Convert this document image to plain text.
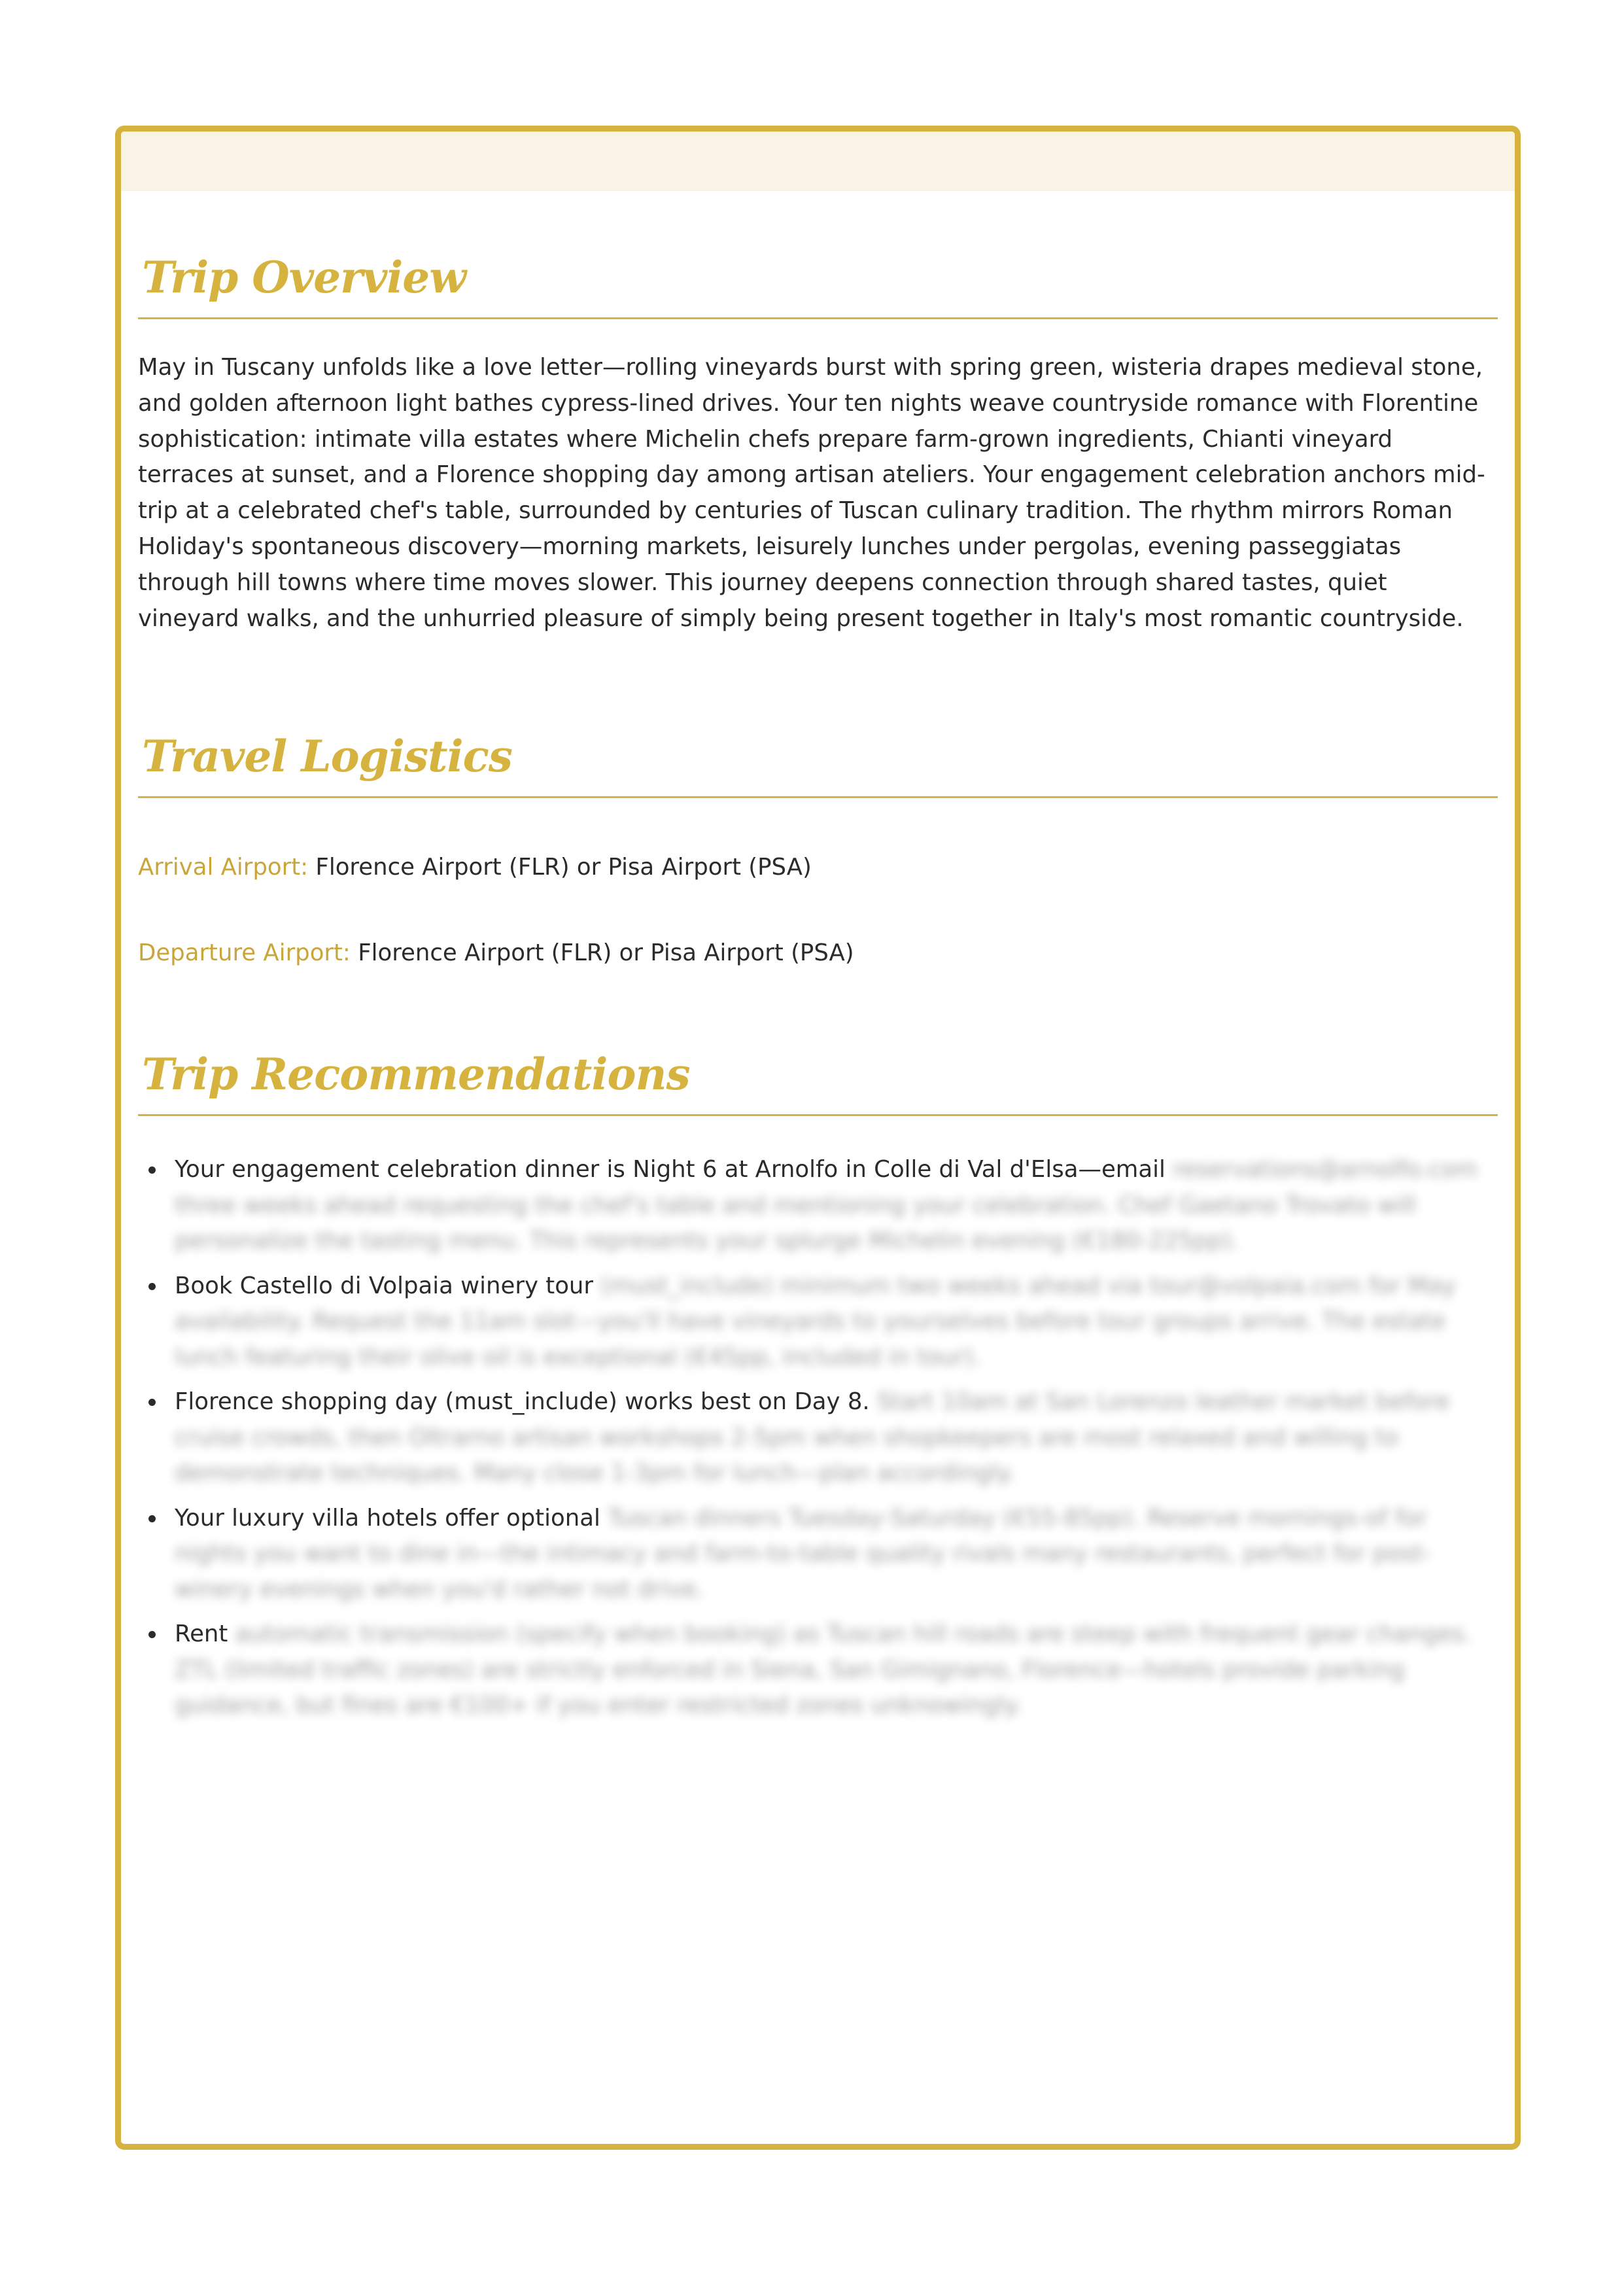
Trip Overview

May in Tuscany unfolds like a love letter—rolling vineyards burst with spring green, wisteria drapes medieval stone, and golden afternoon light bathes cypress-lined drives. Your ten nights weave countryside romance with Florentine sophistication: intimate villa estates where Michelin chefs prepare farm-grown ingredients, Chianti vineyard terraces at sunset, and a Florence shopping day among artisan ateliers. Your engagement celebration anchors mid-trip at a celebrated chef's table, surrounded by centuries of Tuscan culinary tradition. The rhythm mirrors Roman Holiday's spontaneous discovery—morning markets, leisurely lunches under pergolas, evening passeggiatas through hill towns where time moves slower. This journey deepens connection through shared tastes, quiet vineyard walks, and the unhurried pleasure of simply being present together in Italy's most romantic countryside.

Travel Logistics

Arrival Airport: Florence Airport (FLR) or Pisa Airport (PSA)

Departure Airport: Florence Airport (FLR) or Pisa Airport (PSA)

Trip Recommendations
Your engagement celebration dinner is Night 6 at Arnolfo in Colle di Val d'Elsa—email reservations@arnolfo.com three weeks ahead requesting the chef's table and mentioning your celebration. Chef Gaetano Trovato will personalize the tasting menu. This represents your splurge Michelin evening (€180-225pp).
Book Castello di Volpaia winery tour (must_include) minimum two weeks ahead via tour@volpaia.com for May availability. Request the 11am slot—you'll have vineyards to yourselves before tour groups arrive. The estate lunch featuring their olive oil is exceptional (€45pp, included in tour).
Florence shopping day (must_include) works best on Day 8. Start 10am at San Lorenzo leather market before cruise crowds, then Oltrarno artisan workshops 2-5pm when shopkeepers are most relaxed and willing to demonstrate techniques. Many close 1-3pm for lunch—plan accordingly.
Your luxury villa hotels offer optional Tuscan dinners Tuesday-Saturday (€55-85pp). Reserve mornings-of for nights you want to dine in—the intimacy and farm-to-table quality rivals many restaurants, perfect for post-winery evenings when you'd rather not drive.
Rent automatic transmission (specify when booking) as Tuscan hill roads are steep with frequent gear changes. ZTL (limited traffic zones) are strictly enforced in Siena, San Gimignano, Florence—hotels provide parking guidance, but fines are €100+ if you enter restricted zones unknowingly.
